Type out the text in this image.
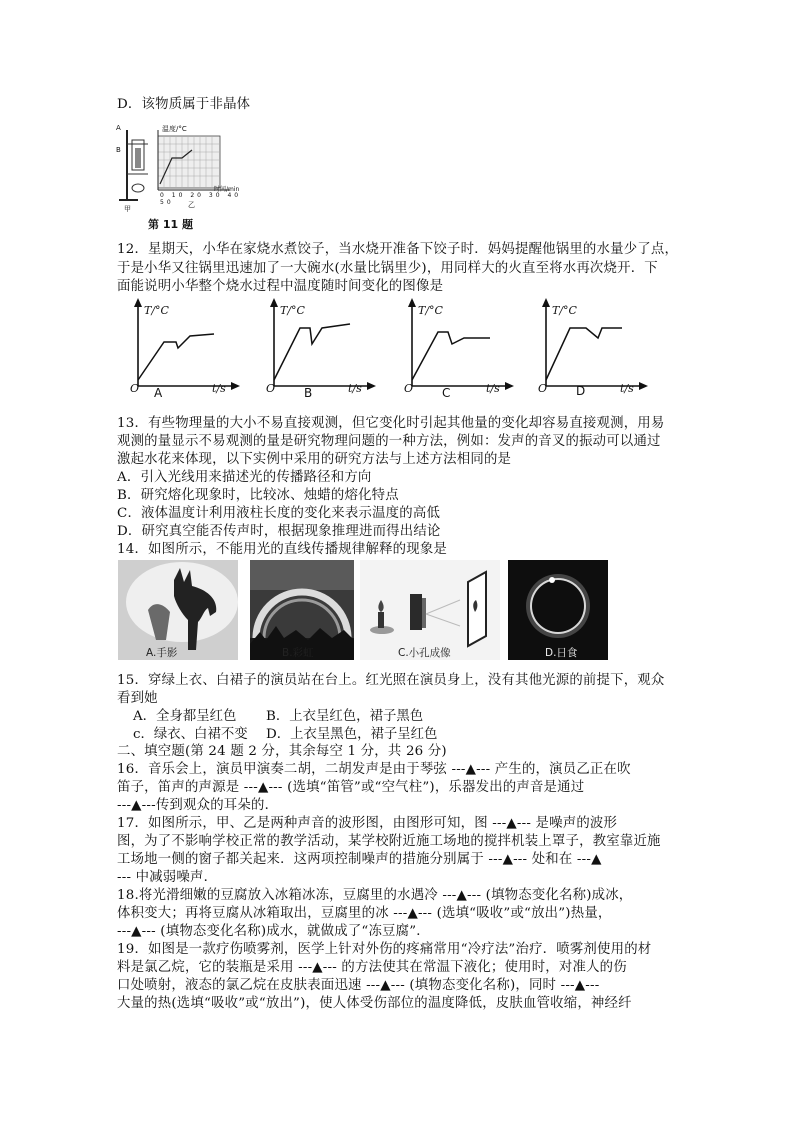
D．该物质属于非晶体
A
B
温度/°C
时间/min
0 10 20 30 40 50
甲	乙
第 11 题
12．星期天，小华在家烧水煮饺子，当水烧开准备下饺子时．妈妈提醒他锅里的水量少了点，
于是小华又往锅里迅速加了一大碗水(水量比锅里少)，用同样大的火直至将水再次烧开．下
面能说明小华整个烧水过程中温度随时间变化的图像是
T/°C
O	t/s
A
T/°C
O	t/s
B
T/°C
O	t/s
C
T/°C
O	t/s
D
13．有些物理量的大小不易直接观测，但它变化时引起其他量的变化却容易直接观测，用易
观测的量显示不易观测的量是研究物理问题的一种方法，例如：发声的音叉的振动可以通过
激起水花来体现，以下实例中采用的研究方法与上述方法相同的是
A．引入光线用来描述光的传播路径和方向
B．研究熔化现象时，比较冰、烛蜡的熔化特点
C．液体温度计利用液柱长度的变化来表示温度的高低
D．研究真空能否传声时，根据现象推理进而得出结论
14．如图所示，不能用光的直线传播规律解释的现象是
A.手影	B.彩虹	C.小孔成像	D.日食
15．穿绿上衣、白裙子的演员站在台上。红光照在演员身上，没有其他光源的前提下，观众
看到她
A．全身都呈红色 B．上衣呈红色，裙子黑色
c．绿衣、白裙不变 D．上衣呈黑色，裙子呈红色
二、填空题(第 24 题 2 分，其余每空 1 分，共 26 分)
16．音乐会上，演员甲演奏二胡，二胡发声是由于琴弦 ---▲--- 产生的，演员乙正在吹
笛子，笛声的声源是 ---▲--- (选填“笛管”或“空气柱”)，乐器发出的声音是通过
---▲---传到观众的耳朵的．
17．如图所示，甲、乙是两种声音的波形图，由图形可知，图 ---▲--- 是噪声的波形
图，为了不影响学校正常的教学活动，某学校附近施工场地的搅拌机装上罩子，教室靠近施
工场地一侧的窗子都关起来．这两项控制噪声的措施分别属于 ---▲--- 处和在 ---▲
--- 中减弱噪声．
18.将光滑细嫩的豆腐放入冰箱冰冻，豆腐里的水遇冷 ---▲--- (填物态变化名称)成冰，
体积变大；再将豆腐从冰箱取出，豆腐里的冰 ---▲--- (选填“吸收”或“放出”)热量，
---▲--- (填物态变化名称)成水，就做成了“冻豆腐”．
19．如图是一款疗伤喷雾剂，医学上针对外伤的疼痛常用“冷疗法”治疗．喷雾剂使用的材
料是氯乙烷，它的装瓶是采用 ---▲--- 的方法使其在常温下液化；使用时，对准人的伤
口处喷射，液态的氯乙烷在皮肤表面迅速 ---▲--- (填物态变化名称)，同时 ---▲---
大量的热(选填“吸收”或“放出”)，使人体受伤部位的温度降低，皮肤血管收缩，神经纤
